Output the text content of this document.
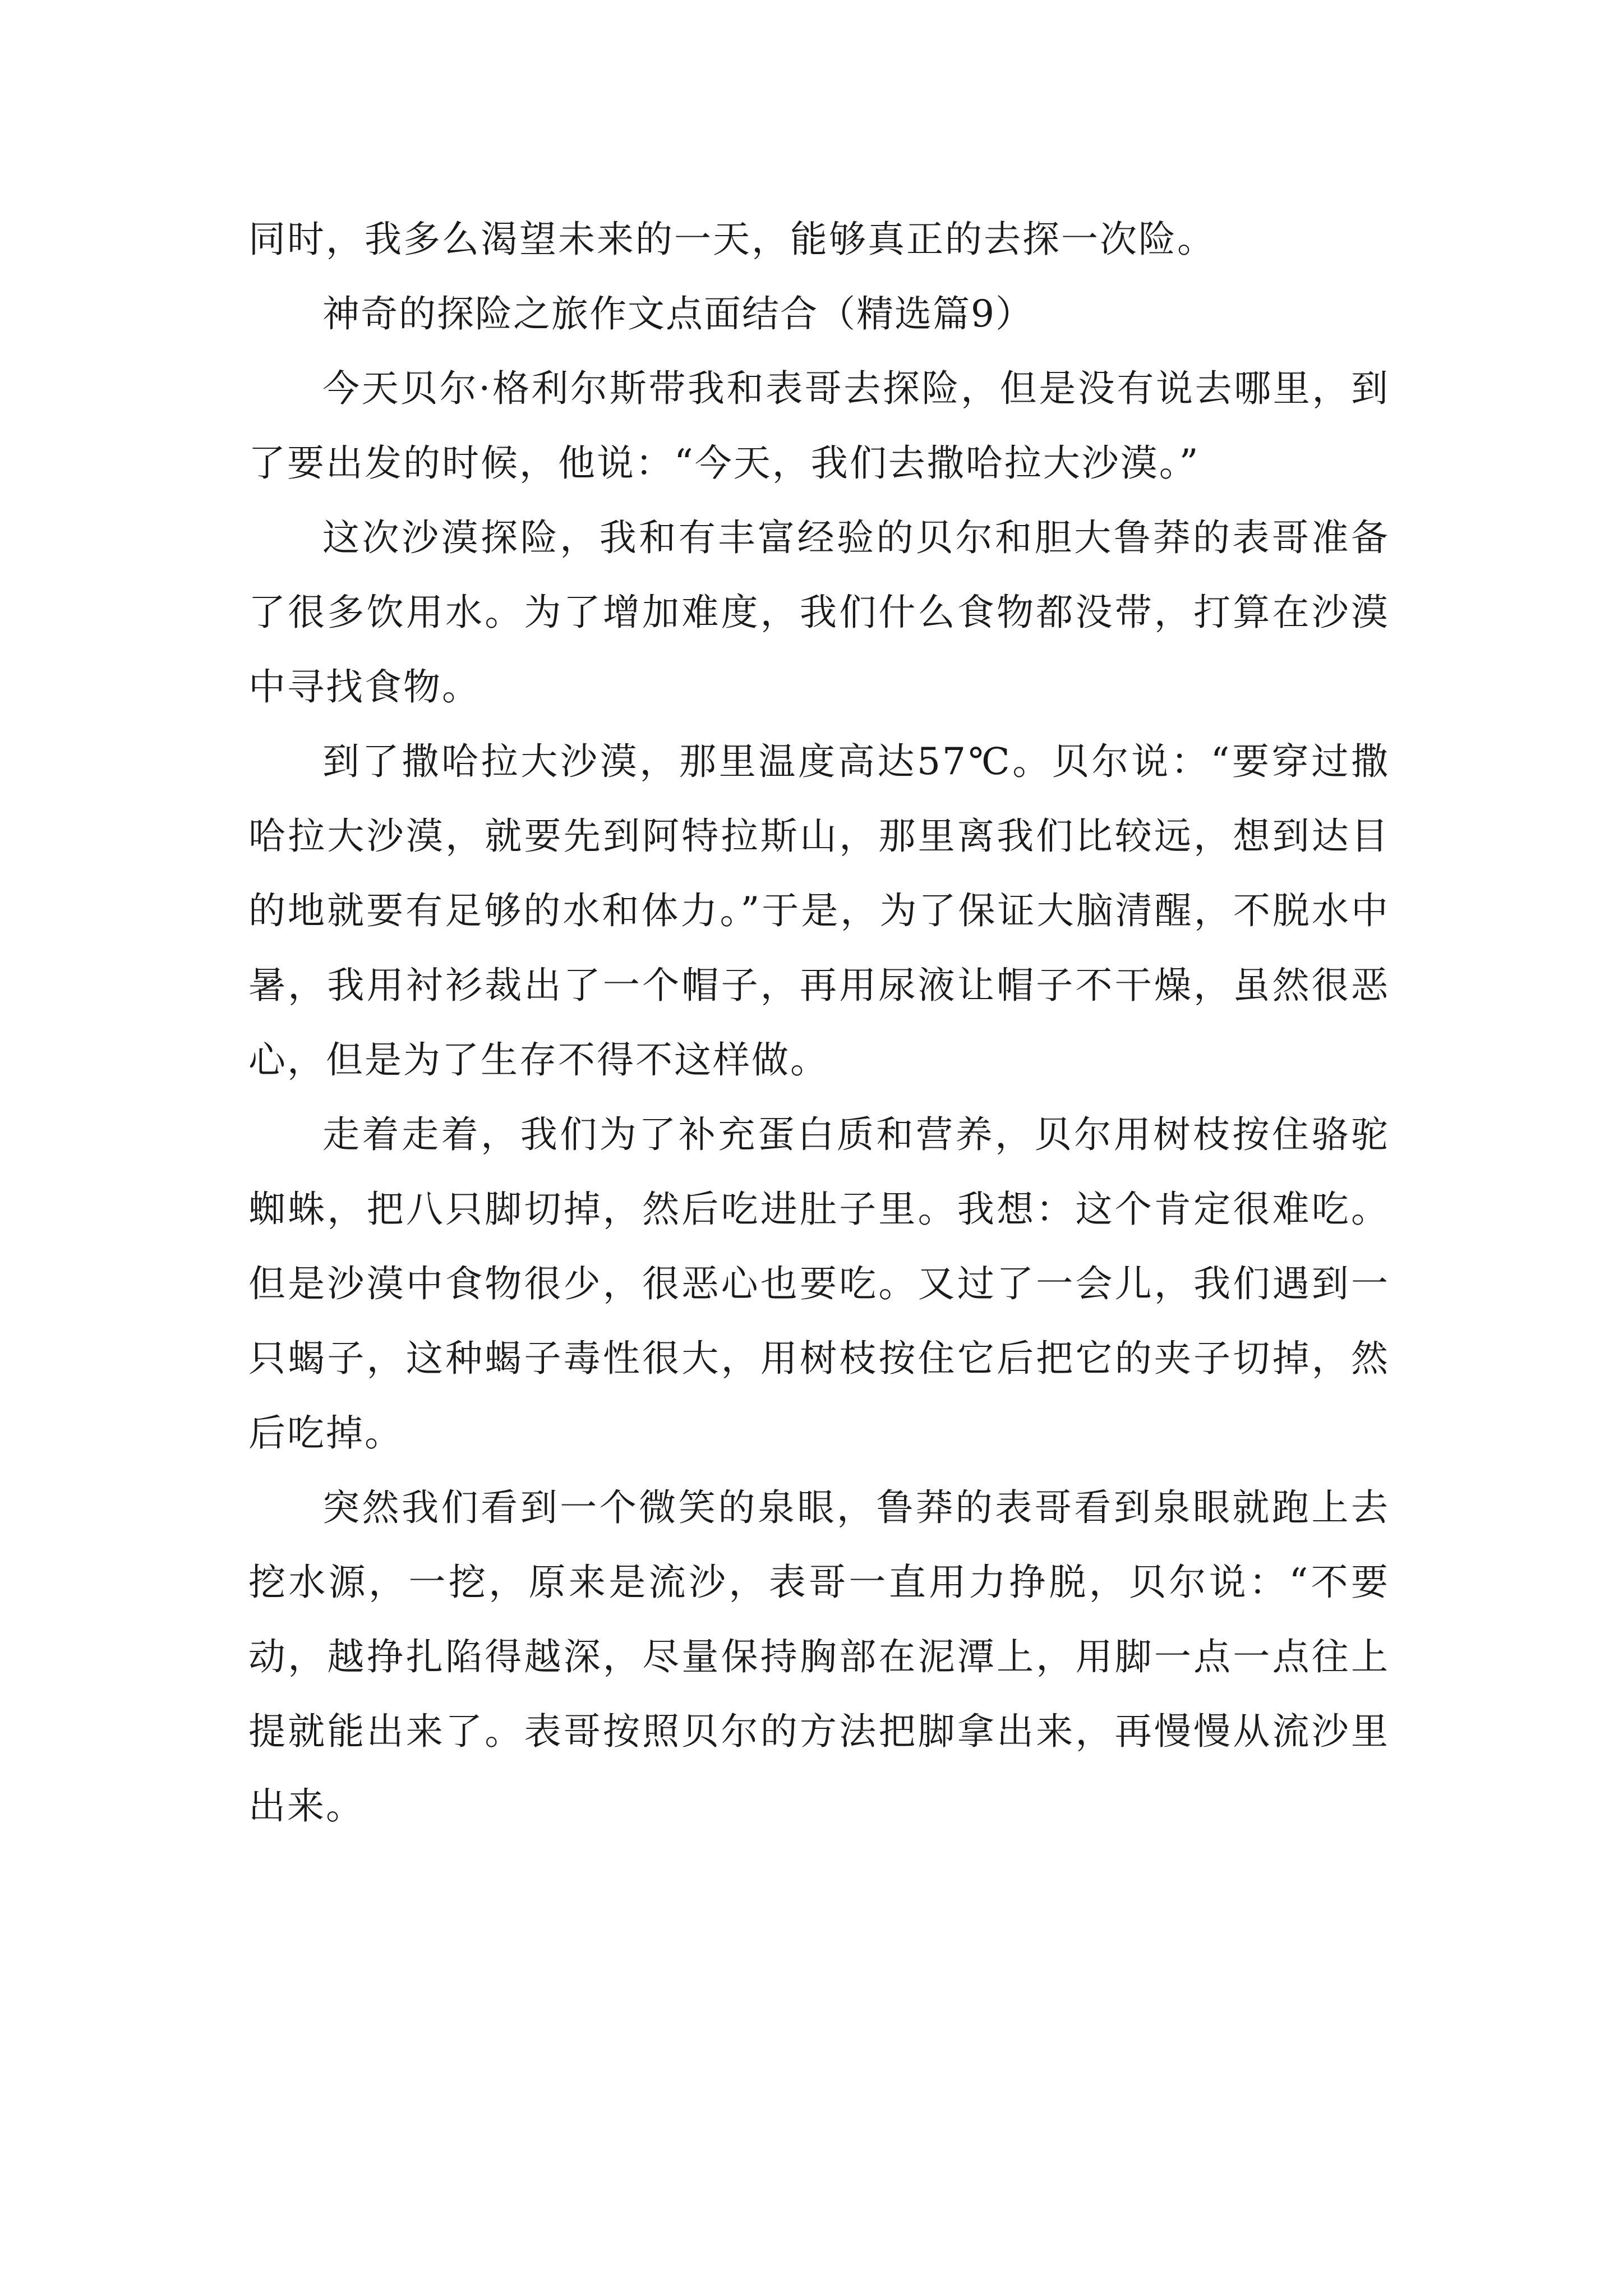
同时，我多么渴望未来的一天，能够真正的去探一次险。

神奇的探险之旅作文点面结合（精选篇9）

今天贝尔·格利尔斯带我和表哥去探险，但是没有说去哪里，到了要出发的时候，他说：“今天，我们去撒哈拉大沙漠。”

这次沙漠探险，我和有丰富经验的贝尔和胆大鲁莽的表哥准备了很多饮用水。为了增加难度，我们什么食物都没带，打算在沙漠中寻找食物。

到了撒哈拉大沙漠，那里温度高达57℃。贝尔说：“要穿过撒哈拉大沙漠，就要先到阿特拉斯山，那里离我们比较远，想到达目的地就要有足够的水和体力。”于是，为了保证大脑清醒，不脱水中暑，我用衬衫裁出了一个帽子，再用尿液让帽子不干燥，虽然很恶心，但是为了生存不得不这样做。

走着走着，我们为了补充蛋白质和营养，贝尔用树枝按住骆驼蜘蛛，把八只脚切掉，然后吃进肚子里。我想：这个肯定很难吃。但是沙漠中食物很少，很恶心也要吃。又过了一会儿，我们遇到一只蝎子，这种蝎子毒性很大，用树枝按住它后把它的夹子切掉，然后吃掉。

突然我们看到一个微笑的泉眼，鲁莽的表哥看到泉眼就跑上去挖水源，一挖，原来是流沙，表哥一直用力挣脱，贝尔说：“不要动，越挣扎陷得越深，尽量保持胸部在泥潭上，用脚一点一点往上提就能出来了。表哥按照贝尔的方法把脚拿出来，再慢慢从流沙里出来。
